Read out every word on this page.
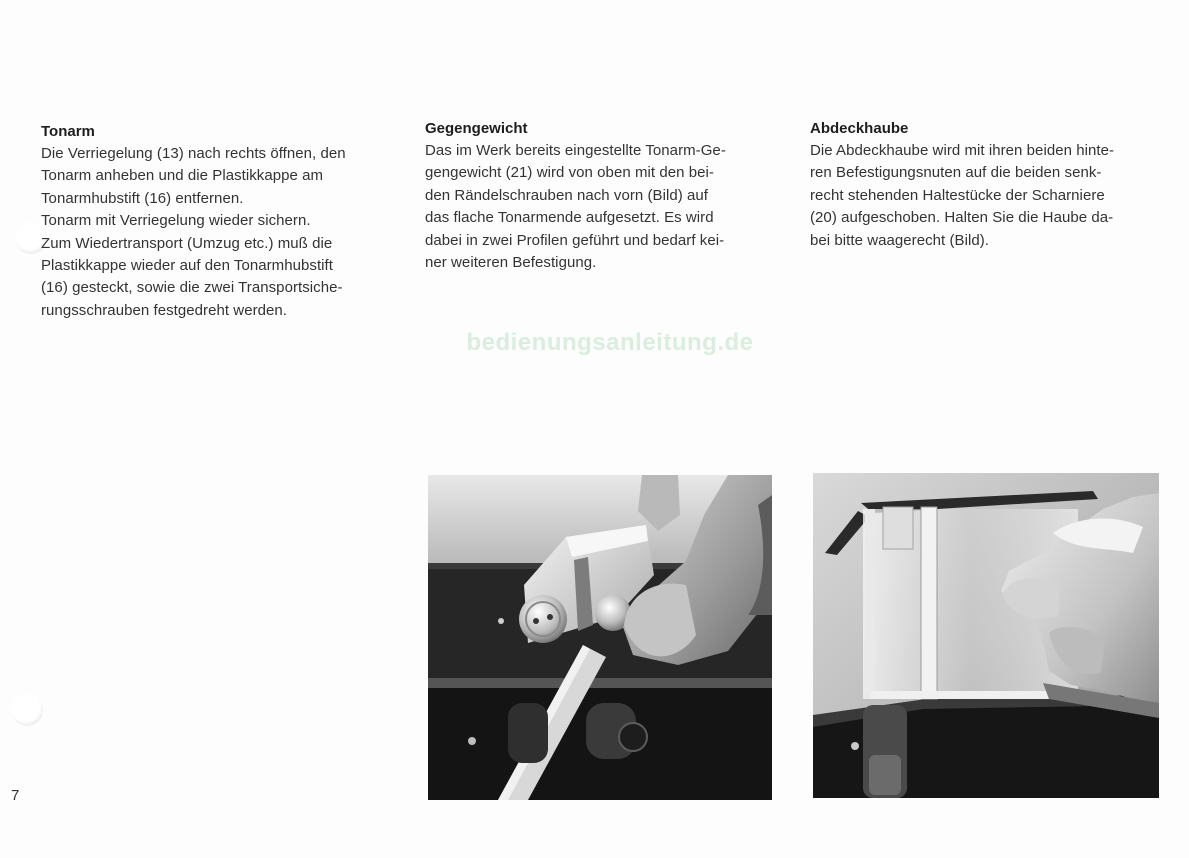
Tonarm
Die Verriegelung (13) nach rechts öffnen, den
Tonarm anheben und die Plastikkappe am
Tonarmhubstift (16) entfernen.
Tonarm mit Verriegelung wieder sichern.
Zum Wiedertransport (Umzug etc.) muß die
Plastikkappe wieder auf den Tonarmhubstift
(16) gesteckt, sowie die zwei Transportsiche-
rungsschrauben festgedreht werden.
Gegengewicht
Das im Werk bereits eingestellte Tonarm-Ge-
gengewicht (21) wird von oben mit den bei-
den Rändelschrauben nach vorn (Bild) auf
das flache Tonarmende aufgesetzt. Es wird
dabei in zwei Profilen geführt und bedarf kei-
ner weiteren Befestigung.
Abdeckhaube
Die Abdeckhaube wird mit ihren beiden hinte-
ren Befestigungsnuten auf die beiden senk-
recht stehenden Haltestücke der Scharniere
(20) aufgeschoben. Halten Sie die Haube da-
bei bitte waagerecht (Bild).
bedienungsanleitung.de
7
